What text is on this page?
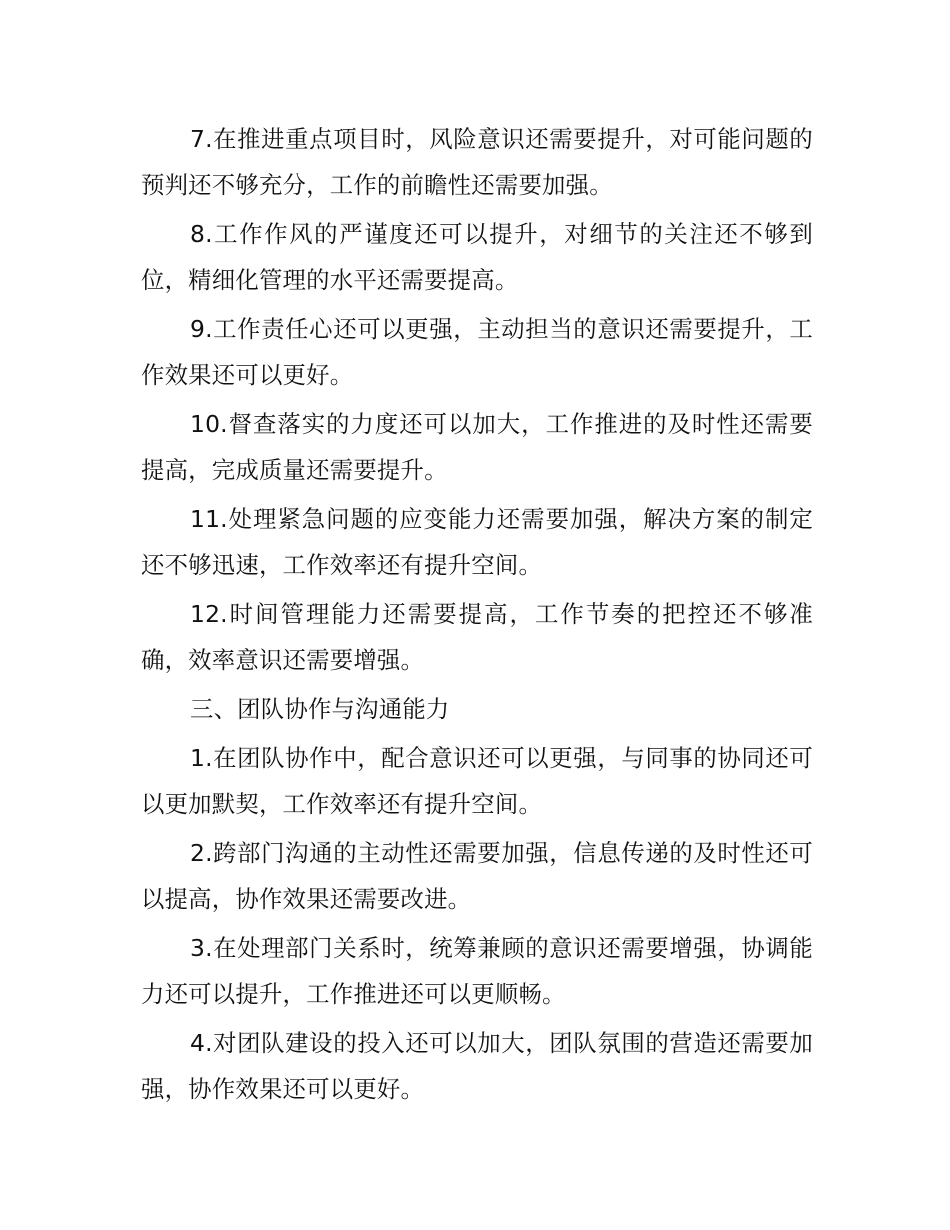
7.在推进重点项目时，风险意识还需要提升，对可能问题的预判还不够充分，工作的前瞻性还需要加强。

8.工作作风的严谨度还可以提升，对细节的关注还不够到位，精细化管理的水平还需要提高。

9.工作责任心还可以更强，主动担当的意识还需要提升，工作效果还可以更好。

10.督查落实的力度还可以加大，工作推进的及时性还需要提高，完成质量还需要提升。

11.处理紧急问题的应变能力还需要加强，解决方案的制定还不够迅速，工作效率还有提升空间。

12.时间管理能力还需要提高，工作节奏的把控还不够准确，效率意识还需要增强。

三、团队协作与沟通能力

1.在团队协作中，配合意识还可以更强，与同事的协同还可以更加默契，工作效率还有提升空间。

2.跨部门沟通的主动性还需要加强，信息传递的及时性还可以提高，协作效果还需要改进。

3.在处理部门关系时，统筹兼顾的意识还需要增强，协调能力还可以提升，工作推进还可以更顺畅。

4.对团队建设的投入还可以加大，团队氛围的营造还需要加强，协作效果还可以更好。
